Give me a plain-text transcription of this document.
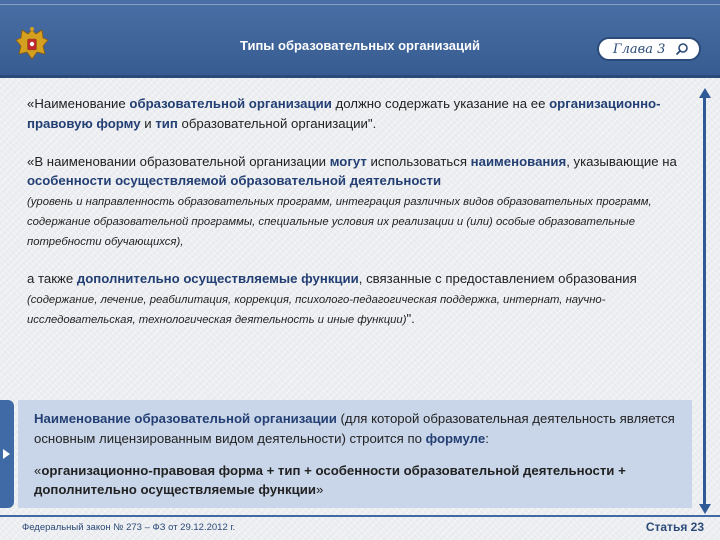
Типы образовательных организаций	Глава 3

«Наименование образовательной организации должно содержать указание на ее организационно-правовую форму и тип образовательной организации".

«В наименовании образовательной организации могут использоваться наименования, указывающие на особенности осуществляемой образовательной деятельности
(уровень и направленность образовательных программ, интеграция различных видов образовательных программ, содержание образовательной программы, специальные условия их реализации и (или) особые образовательные потребности обучающихся),

а также дополнительно осуществляемые функции, связанные с предоставлением образования (содержание, лечение, реабилитация, коррекция, психолого-педагогическая поддержка, интернат, научно-исследовательская, технологическая деятельность и иные функции)".

Наименование образовательной организации (для которой образовательная деятельность является основным лицензированным видом деятельности) строится по формуле:

«организационно-правовая форма + тип + особенности образовательной деятельности + дополнительно осуществляемые функции»

Федеральный закон № 273 – ФЗ от 29.12.2012 г.	Статья 23
